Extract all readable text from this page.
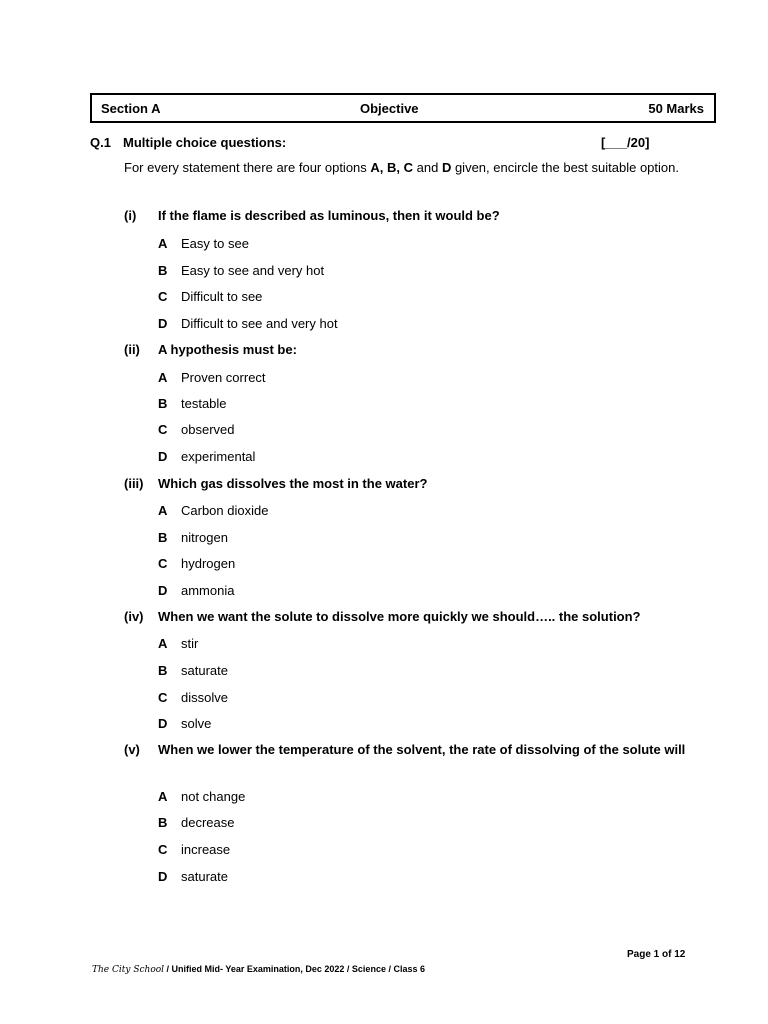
Section A	Objective	50 Marks
Q.1 Multiple choice questions:	[___/20]
For every statement there are four options A, B, C and D given, encircle the best suitable option.
(i) If the flame is described as luminous, then it would be?
A Easy to see
B Easy to see and very hot
C Difficult to see
D Difficult to see and very hot
(ii) A hypothesis must be:
A Proven correct
B testable
C observed
D experimental
(iii) Which gas dissolves the most in the water?
A Carbon dioxide
B nitrogen
C hydrogen
D ammonia
(iv) When we want the solute to dissolve more quickly we should….. the solution?
A stir
B saturate
C dissolve
D solve
(v) When we lower the temperature of the solvent, the rate of dissolving of the solute will
A not change
B decrease
C increase
D saturate
Page 1 of 12
The City School / Unified Mid- Year Examination, Dec 2022 / Science / Class 6
